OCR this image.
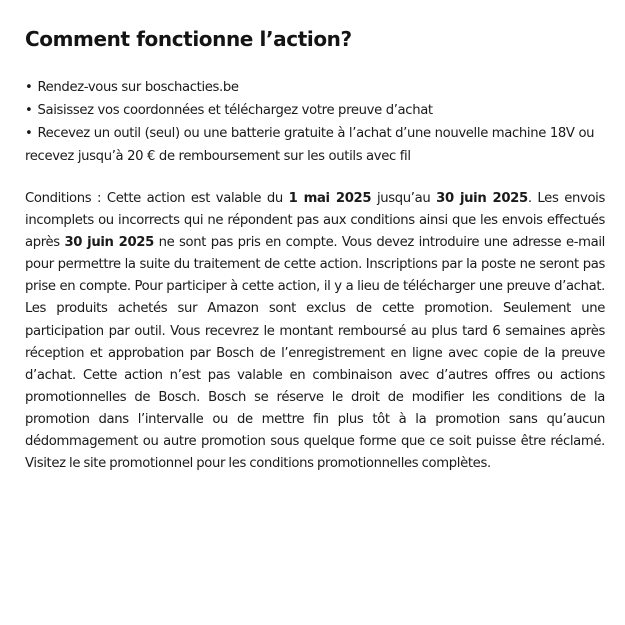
Comment fonctionne l’action?
• Rendez-vous sur boschacties.be
• Saisissez vos coordonnées et téléchargez votre preuve d’achat
• Recevez un outil (seul) ou une batterie gratuite à l’achat d’une nouvelle machine 18V ou recevez jusqu’à 20 € de remboursement sur les outils avec fil

Conditions : Cette action est valable du 1 mai 2025 jusqu’au 30 juin 2025. Les envois incomplets ou incorrects qui ne répondent pas aux conditions ainsi que les envois effectués après 30 juin 2025 ne sont pas pris en compte. Vous devez introduire une adresse e-mail pour permettre la suite du traitement de cette action. Inscriptions par la poste ne seront pas prise en compte. Pour participer à cette action, il y a lieu de télécharger une preuve d’achat. Les produits achetés sur Amazon sont exclus de cette promotion. Seulement une participation par outil. Vous recevrez le montant remboursé au plus tard 6 semaines après réception et approbation par Bosch de l’enregistrement en ligne avec copie de la preuve d’achat. Cette action n’est pas valable en combinaison avec d’autres offres ou actions promotionnelles de Bosch. Bosch se réserve le droit de modifier les conditions de la promotion dans l’intervalle ou de mettre fin plus tôt à la promotion sans qu’aucun dédommagement ou autre promotion sous quelque forme que ce soit puisse être réclamé. Visitez le site promotionnel pour les conditions promotionnelles complètes.
